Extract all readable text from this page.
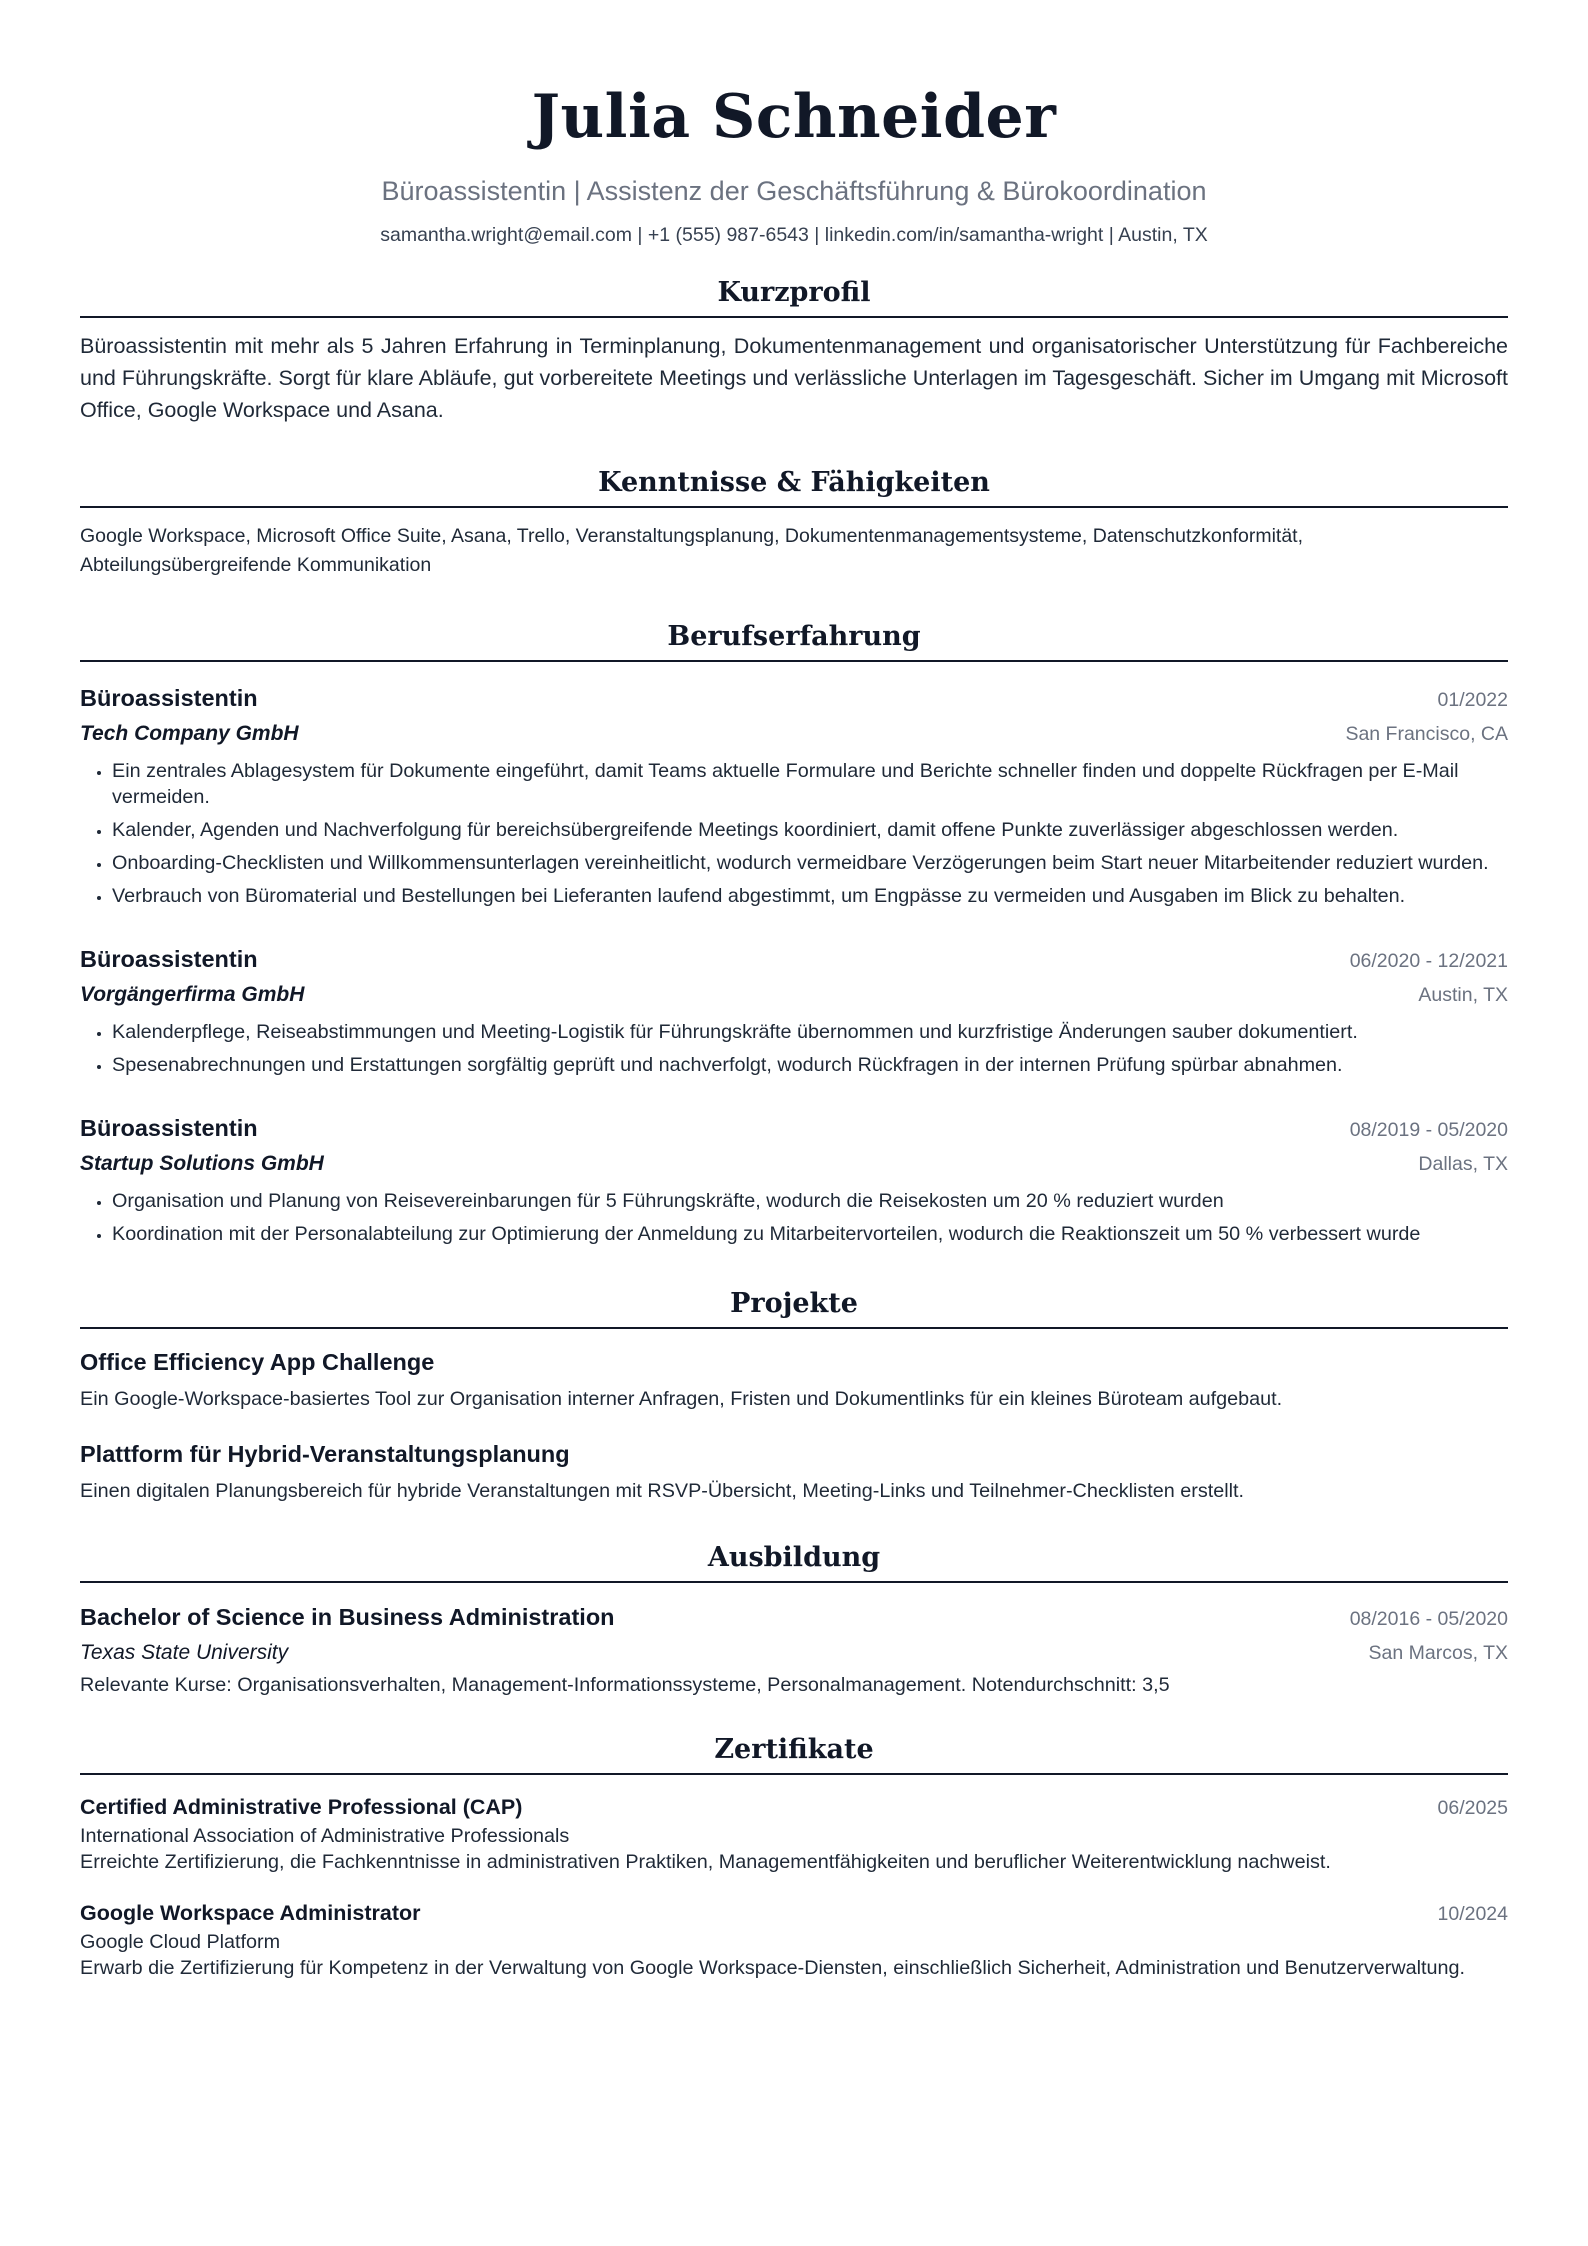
Julia Schneider
Büroassistentin | Assistenz der Geschäftsführung & Bürokoordination
samantha.wright@email.com | +1 (555) 987-6543 | linkedin.com/in/samantha-wright | Austin, TX
Kurzprofil

Büroassistentin mit mehr als 5 Jahren Erfahrung in Terminplanung, Dokumentenmanagement und organisatorischer Unterstützung für Fachbereiche und Führungskräfte. Sorgt für klare Abläufe, gut vorbereitete Meetings und verlässliche Unterlagen im Tagesgeschäft. Sicher im Umgang mit Microsoft Office, Google Workspace und Asana.

Kenntnisse & Fähigkeiten
Google Workspace, Microsoft Office Suite, Asana, Trello, Veranstaltungsplanung, Dokumentenmanagementsysteme, Datenschutzkonformität, Abteilungsübergreifende Kommunikation
Berufserfahrung
Büroassistentin	01/2022
Tech Company GmbH	San Francisco, CA
• Ein zentrales Ablagesystem für Dokumente eingeführt, damit Teams aktuelle Formulare und Berichte schneller finden und doppelte Rückfragen per E-Mail vermeiden.
• Kalender, Agenden und Nachverfolgung für bereichsübergreifende Meetings koordiniert, damit offene Punkte zuverlässiger abgeschlossen werden.
• Onboarding-Checklisten und Willkommensunterlagen vereinheitlicht, wodurch vermeidbare Verzögerungen beim Start neuer Mitarbeitender reduziert wurden.
• Verbrauch von Büromaterial und Bestellungen bei Lieferanten laufend abgestimmt, um Engpässe zu vermeiden und Ausgaben im Blick zu behalten.
Büroassistentin	06/2020 - 12/2021
Vorgängerfirma GmbH	Austin, TX
• Kalenderpflege, Reiseabstimmungen und Meeting-Logistik für Führungskräfte übernommen und kurzfristige Änderungen sauber dokumentiert.
• Spesenabrechnungen und Erstattungen sorgfältig geprüft und nachverfolgt, wodurch Rückfragen in der internen Prüfung spürbar abnahmen.
Büroassistentin	08/2019 - 05/2020
Startup Solutions GmbH	Dallas, TX
• Organisation und Planung von Reisevereinbarungen für 5 Führungskräfte, wodurch die Reisekosten um 20 % reduziert wurden
• Koordination mit der Personalabteilung zur Optimierung der Anmeldung zu Mitarbeitervorteilen, wodurch die Reaktionszeit um 50 % verbessert wurde
Projekte
Office Efficiency App Challenge
Ein Google-Workspace-basiertes Tool zur Organisation interner Anfragen, Fristen und Dokumentlinks für ein kleines Büroteam aufgebaut.
Plattform für Hybrid-Veranstaltungsplanung
Einen digitalen Planungsbereich für hybride Veranstaltungen mit RSVP-Übersicht, Meeting-Links und Teilnehmer-Checklisten erstellt.
Ausbildung
Bachelor of Science in Business Administration	08/2016 - 05/2020
Texas State University	San Marcos, TX
Relevante Kurse: Organisationsverhalten, Management-Informationssysteme, Personalmanagement. Notendurchschnitt: 3,5
Zertifikate
Certified Administrative Professional (CAP)	06/2025
International Association of Administrative Professionals
Erreichte Zertifizierung, die Fachkenntnisse in administrativen Praktiken, Managementfähigkeiten und beruflicher Weiterentwicklung nachweist.
Google Workspace Administrator	10/2024
Google Cloud Platform
Erwarb die Zertifizierung für Kompetenz in der Verwaltung von Google Workspace-Diensten, einschließlich Sicherheit, Administration und Benutzerverwaltung.
